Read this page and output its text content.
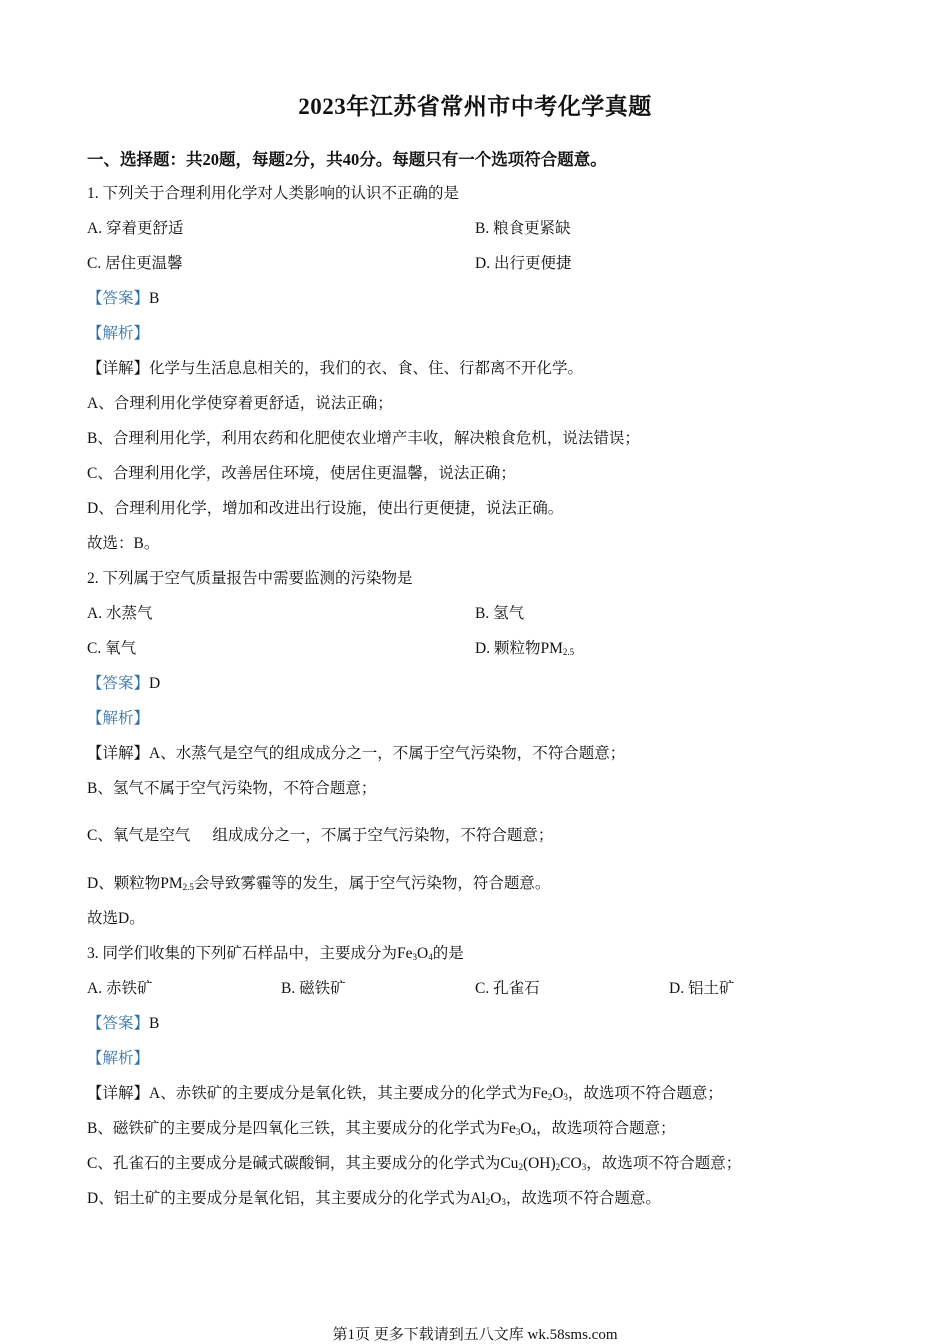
2023年江苏省常州市中考化学真题
一、选择题：共20题，每题2分，共40分。每题只有一个选项符合题意。
1. 下列关于合理利用化学对人类影响的认识不正确的是
A. 穿着更舒适	B. 粮食更紧缺
C. 居住更温馨	D. 出行更便捷
【答案】B
【解析】
【详解】化学与生活息息相关的，我们的衣、食、住、行都离不开化学。
A、合理利用化学使穿着更舒适，说法正确；
B、合理利用化学，利用农药和化肥使农业增产丰收，解决粮食危机，说法错误；
C、合理利用化学，改善居住环境，使居住更温馨，说法正确；
D、合理利用化学，增加和改进出行设施，使出行更便捷，说法正确。
故选：B。
2. 下列属于空气质量报告中需要监测的污染物是
A. 水蒸气	B. 氢气
C. 氧气	D. 颗粒物$PM_{2.5}$
【答案】D
【解析】
【详解】A、水蒸气是空气的组成成分之一，不属于空气污染物，不符合题意；
B、氢气不属于空气污染物，不符合题意；
C、氧气是空气 组成成分之一，不属于空气污染物，不符合题意；
D、颗粒物$PM_{2.5}$会导致雾霾等的发生，属于空气污染物，符合题意。
故选D。
3. 同学们收集的下列矿石样品中，主要成分为$Fe_3O_4$的是
A. 赤铁矿	B. 磁铁矿	C. 孔雀石	D. 铝土矿
【答案】B
【解析】
【详解】A、赤铁矿的主要成分是氧化铁，其主要成分的化学式为$Fe_2O_3$，故选项不符合题意；
B、磁铁矿的主要成分是四氧化三铁，其主要成分的化学式为$Fe_3O_4$，故选项符合题意；
C、孔雀石的主要成分是碱式碳酸铜，其主要成分的化学式为$Cu_2(OH)_2CO_3$，故选项不符合题意；
D、铝土矿的主要成分是氧化铝，其主要成分的化学式为$Al_2O_3$，故选项不符合题意。
第1页 更多下载请到五八文库 wk.58sms.com
